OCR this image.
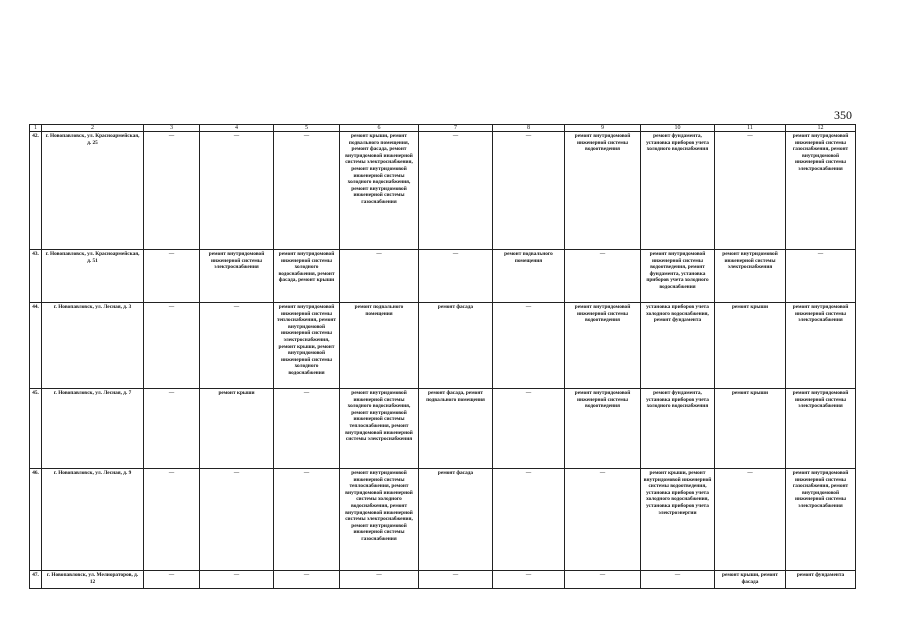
350
1	2	3	4	5	6	7	8	9	10	11	12
42.	г. Новопавловск, ул. Красноармейская, д. 25	—	—	—	ремонт крыши, ремонт подвального помещения, ремонт фасада, ремонт внутридомовой инженерной системы электроснабжения, ремонт внутридомовой инженерной системы холодного водоснабжения, ремонт внутридомовой инженерной системы газоснабжения	—	—	ремонт внутридомовой инженерной системы водоотведения	ремонт фундамента, установка приборов учета холодного водоснабжения	—	ремонт внутридомовой инженерной системы газоснабжения, ремонт внутридомовой инженерной системы электроснабжения
43.	г. Новопавловск, ул. Красноармейская, д. 51	—	ремонт внутридомовой инженерной системы электроснабжения	ремонт внутридомовой инженерной системы холодного водоснабжения, ремонт фасада, ремонт крыши	—	—	ремонт подвального помещения	—	ремонт внутридомовой инженерной системы водоотведения, ремонт фундамента, установка приборов учета холодного водоснабжения	ремонт внутридомовой инженерной системы электроснабжения	—
44.	г. Новопавловск, ул. Лесная, д. 3	—	—	ремонт внутридомовой инженерной системы теплоснабжения, ремонт внутридомовой инженерной системы электроснабжения, ремонт крыши, ремонт внутридомовой инженерной системы холодного водоснабжения	ремонт подвального помещения	ремонт фасада	—	ремонт внутридомовой инженерной системы водоотведения	установка приборов учета холодного водоснабжения, ремонт фундамента	ремонт крыши	ремонт внутридомовой инженерной системы электроснабжения
45.	г. Новопавловск, ул. Лесная, д. 7	—	ремонт крыши	—	ремонт внутридомовой инженерной системы холодного водоснабжения, ремонт внутридомовой инженерной системы теплоснабжения, ремонт внутридомовой инженерной системы электроснабжения	ремонт фасада, ремонт подвального помещения	—	ремонт внутридомовой инженерной системы водоотведения	ремонт фундамента, установка приборов учета холодного водоснабжения	ремонт крыши	ремонт внутридомовой инженерной системы электроснабжения
46.	г. Новопавловск, ул. Лесная, д. 9	—	—	—	ремонт внутридомовой инженерной системы теплоснабжения, ремонт внутридомовой инженерной системы холодного водоснабжения, ремонт внутридомовой инженерной системы электроснабжения, ремонт внутридомовой инженерной системы газоснабжения	ремонт фасада	—	—	ремонт крыши, ремонт внутридомовой инженерной системы водоотведения, установка приборов учета холодного водоснабжения, установка приборов учета электроэнергии	—	ремонт внутридомовой инженерной системы газоснабжения, ремонт внутридомовой инженерной системы электроснабжения
47.	г. Новопавловск, ул. Мелиораторов, д. 12	—	—	—	—	—	—	—	—	ремонт крыши, ремонт фасада	ремонт фундамента
